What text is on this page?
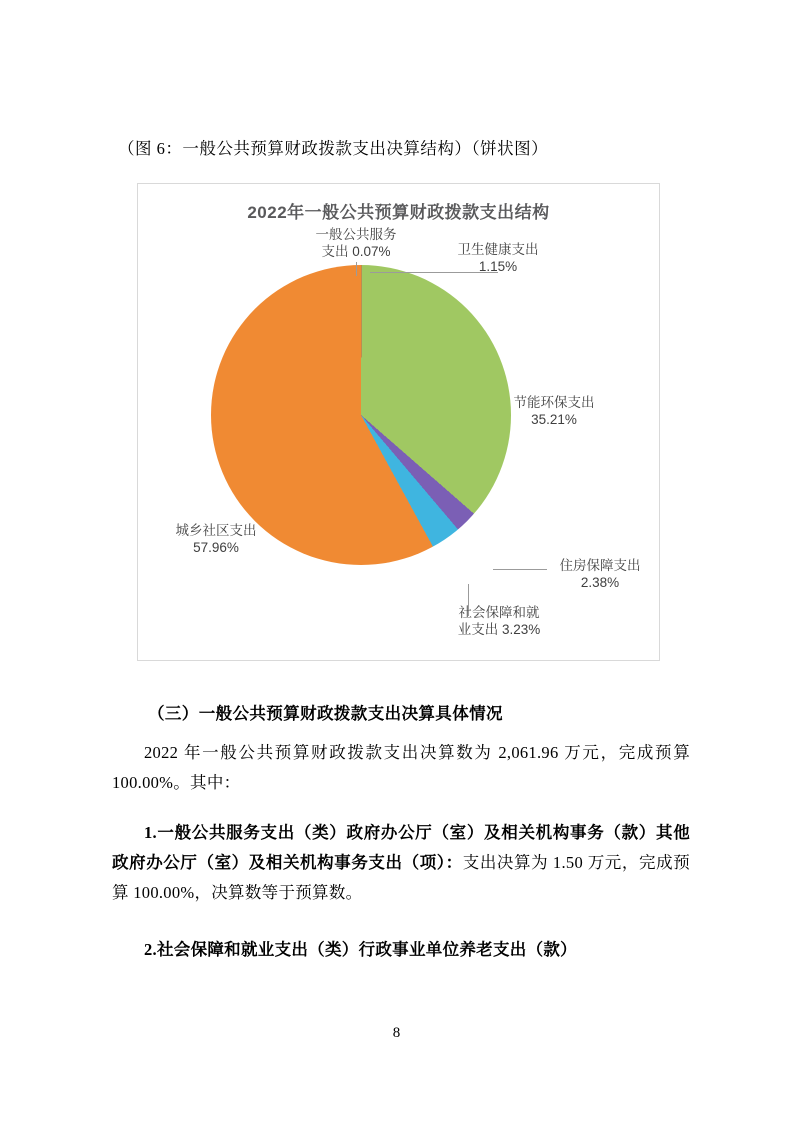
（图 6：一般公共预算财政拨款支出决算结构）（饼状图）
2022年一般公共预算财政拨款支出结构
一般公共服务
支出 0.07%	卫生健康支出
1.15%
节能环保支出
35.21%
住房保障支出
2.38%
社会保障和就
业支出 3.23%
城乡社区支出
57.96%
（三）一般公共预算财政拨款支出决算具体情况
2022 年一般公共预算财政拨款支出决算数为 2,061.96 万元，完成预算 100.00%。其中：
1.一般公共服务支出（类）政府办公厅（室）及相关机构事务（款）其他政府办公厅（室）及相关机构事务支出（项）：支出决算为 1.50 万元，完成预算 100.00%，决算数等于预算数。
2.社会保障和就业支出（类）行政事业单位养老支出（款）
8
